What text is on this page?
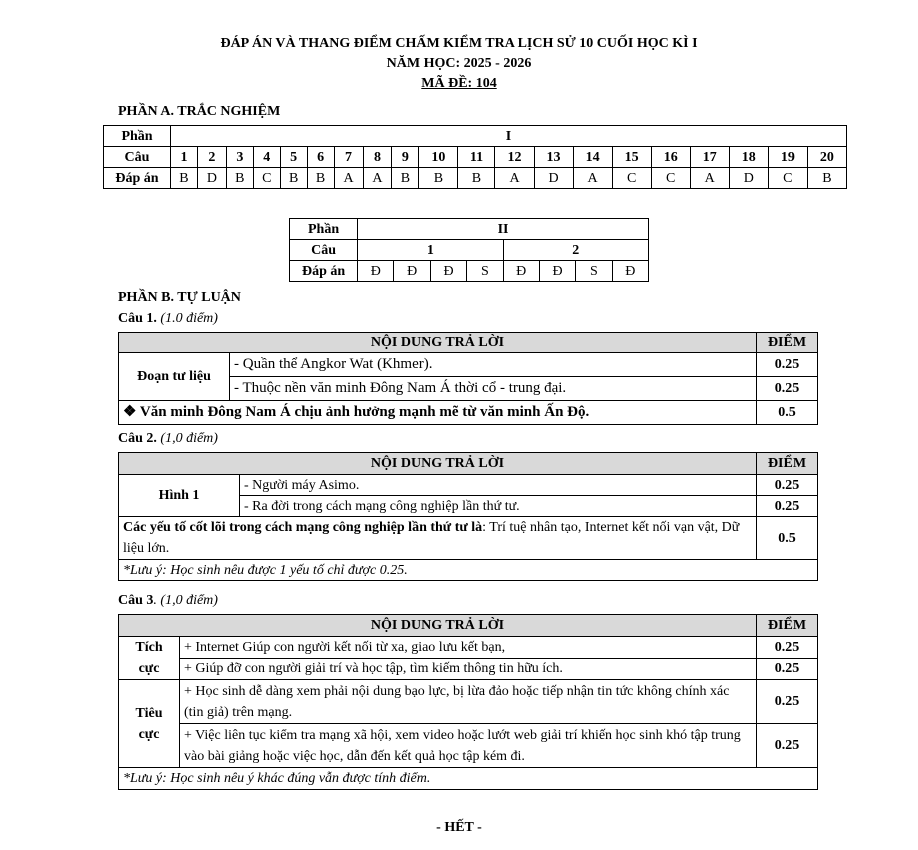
ĐÁP ÁN VÀ THANG ĐIỂM CHẤM KIỂM TRA LỊCH SỬ 10 CUỐI HỌC KÌ I
NĂM HỌC: 2025 - 2026
MÃ ĐỀ: 104
PHẦN A. TRẮC NGHIỆM
Phần	I																			
Câu	1	2	3	4	5	6	7	8	9	10	11	12	13	14	15	16	17	18	19	20
Đáp án	B	D	B	C	B	B	A	A	B	B	B	A	D	A	C	C	A	D	C	B
Phần	II							
Câu	1				2			
Đáp án	Đ	Đ	Đ	S	Đ	Đ	S	Đ
PHẦN B. TỰ LUẬN
Câu 1. (1.0 điểm)
NỘI DUNG TRẢ LỜI		ĐIỂM
Đoạn tư liệu	- Quần thể Angkor Wat (Khmer).	0.25
	- Thuộc nền văn minh Đông Nam Á thời cổ - trung đại.	0.25
❖ Văn minh Đông Nam Á chịu ảnh hưởng mạnh mẽ từ văn minh Ấn Độ.		0.5
Câu 2. (1,0 điểm)
NỘI DUNG TRẢ LỜI		ĐIỂM
Hình 1	- Người máy Asimo.	0.25
	- Ra đời trong cách mạng công nghiệp lần thứ tư.	0.25
Các yếu tố cốt lõi trong cách mạng công nghiệp lần thứ tư là: Trí tuệ nhân tạo, Internet kết nối vạn vật, Dữ liệu lớn.		0.5
*Lưu ý: Học sinh nêu được 1 yếu tố chỉ được 0.25.		
Câu 3. (1,0 điểm)
NỘI DUNG TRẢ LỜI		ĐIỂM

Tích
cực	+ Internet Giúp con người kết nối từ xa, giao lưu kết bạn,	0.25
	+ Giúp đỡ con người giải trí và học tập, tìm kiếm thông tin hữu ích.	0.25

Tiêu
cực	+ Học sinh dễ dàng xem phải nội dung bạo lực, bị lừa đảo hoặc tiếp nhận tin tức không chính xác (tin giả) trên mạng.	0.25
	+ Việc liên tục kiểm tra mạng xã hội, xem video hoặc lướt web giải trí khiến học sinh khó tập trung vào bài giảng hoặc việc học, dẫn đến kết quả học tập kém đi.	0.25
*Lưu ý: Học sinh nêu ý khác đúng vẫn được tính điểm.		
- HẾT -
